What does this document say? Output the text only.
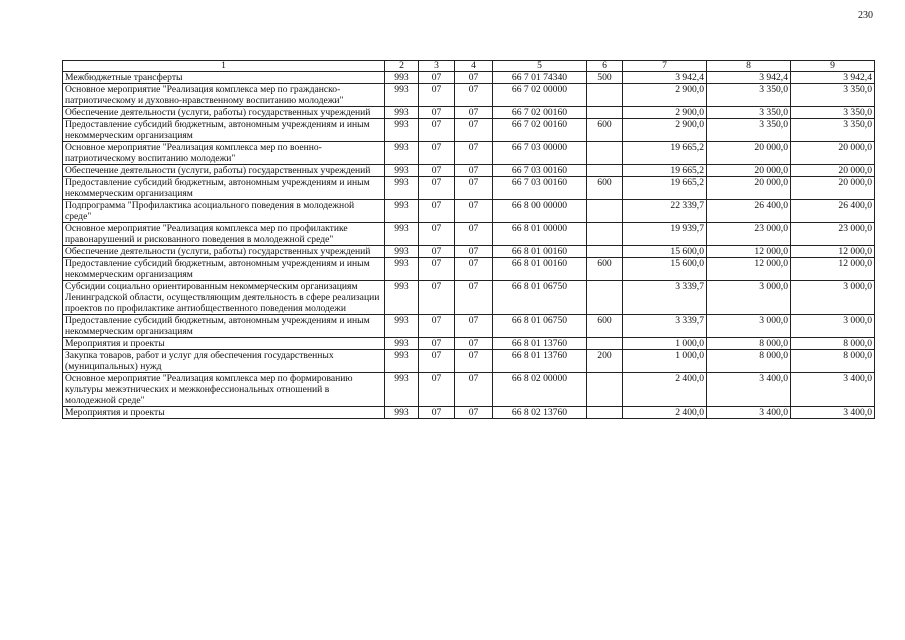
230
1	2	3	4	5	6	7	8	9
Межбюджетные трансферты	993	07	07	66 7 01 74340	500	3 942,4	3 942,4	3 942,4
Основное мероприятие "Реализация комплекса мер по гражданско-патриотическому и духовно-нравственному воспитанию молодежи"	993	07	07	66 7 02 00000		2 900,0	3 350,0	3 350,0
Обеспечение деятельности (услуги, работы) государственных учреждений	993	07	07	66 7 02 00160		2 900,0	3 350,0	3 350,0
Предоставление субсидий бюджетным, автономным учреждениям и иным некоммерческим организациям	993	07	07	66 7 02 00160	600	2 900,0	3 350,0	3 350,0
Основное мероприятие "Реализация комплекса мер по военно-патриотическому воспитанию молодежи"	993	07	07	66 7 03 00000		19 665,2	20 000,0	20 000,0
Обеспечение деятельности (услуги, работы) государственных учреждений	993	07	07	66 7 03 00160		19 665,2	20 000,0	20 000,0
Предоставление субсидий бюджетным, автономным учреждениям и иным некоммерческим организациям	993	07	07	66 7 03 00160	600	19 665,2	20 000,0	20 000,0
Подпрограмма "Профилактика асоциального поведения в молодежной среде"	993	07	07	66 8 00 00000		22 339,7	26 400,0	26 400,0
Основное мероприятие "Реализация комплекса мер по профилактике правонарушений и рискованного поведения в молодежной среде"	993	07	07	66 8 01 00000		19 939,7	23 000,0	23 000,0
Обеспечение деятельности (услуги, работы) государственных учреждений	993	07	07	66 8 01 00160		15 600,0	12 000,0	12 000,0
Предоставление субсидий бюджетным, автономным учреждениям и иным некоммерческим организациям	993	07	07	66 8 01 00160	600	15 600,0	12 000,0	12 000,0
Субсидии социально ориентированным некоммерческим организациям Ленинградской области, осуществляющим деятельность в сфере реализации проектов по профилактике антиобщественного поведения молодежи	993	07	07	66 8 01 06750		3 339,7	3 000,0	3 000,0
Предоставление субсидий бюджетным, автономным учреждениям и иным некоммерческим организациям	993	07	07	66 8 01 06750	600	3 339,7	3 000,0	3 000,0
Мероприятия и проекты	993	07	07	66 8 01 13760		1 000,0	8 000,0	8 000,0
Закупка товаров, работ и услуг для обеспечения государственных (муниципальных) нужд	993	07	07	66 8 01 13760	200	1 000,0	8 000,0	8 000,0
Основное мероприятие "Реализация комплекса мер по формированию культуры межэтнических и межконфессиональных отношений в молодежной среде"	993	07	07	66 8 02 00000		2 400,0	3 400,0	3 400,0
Мероприятия и проекты	993	07	07	66 8 02 13760		2 400,0	3 400,0	3 400,0
